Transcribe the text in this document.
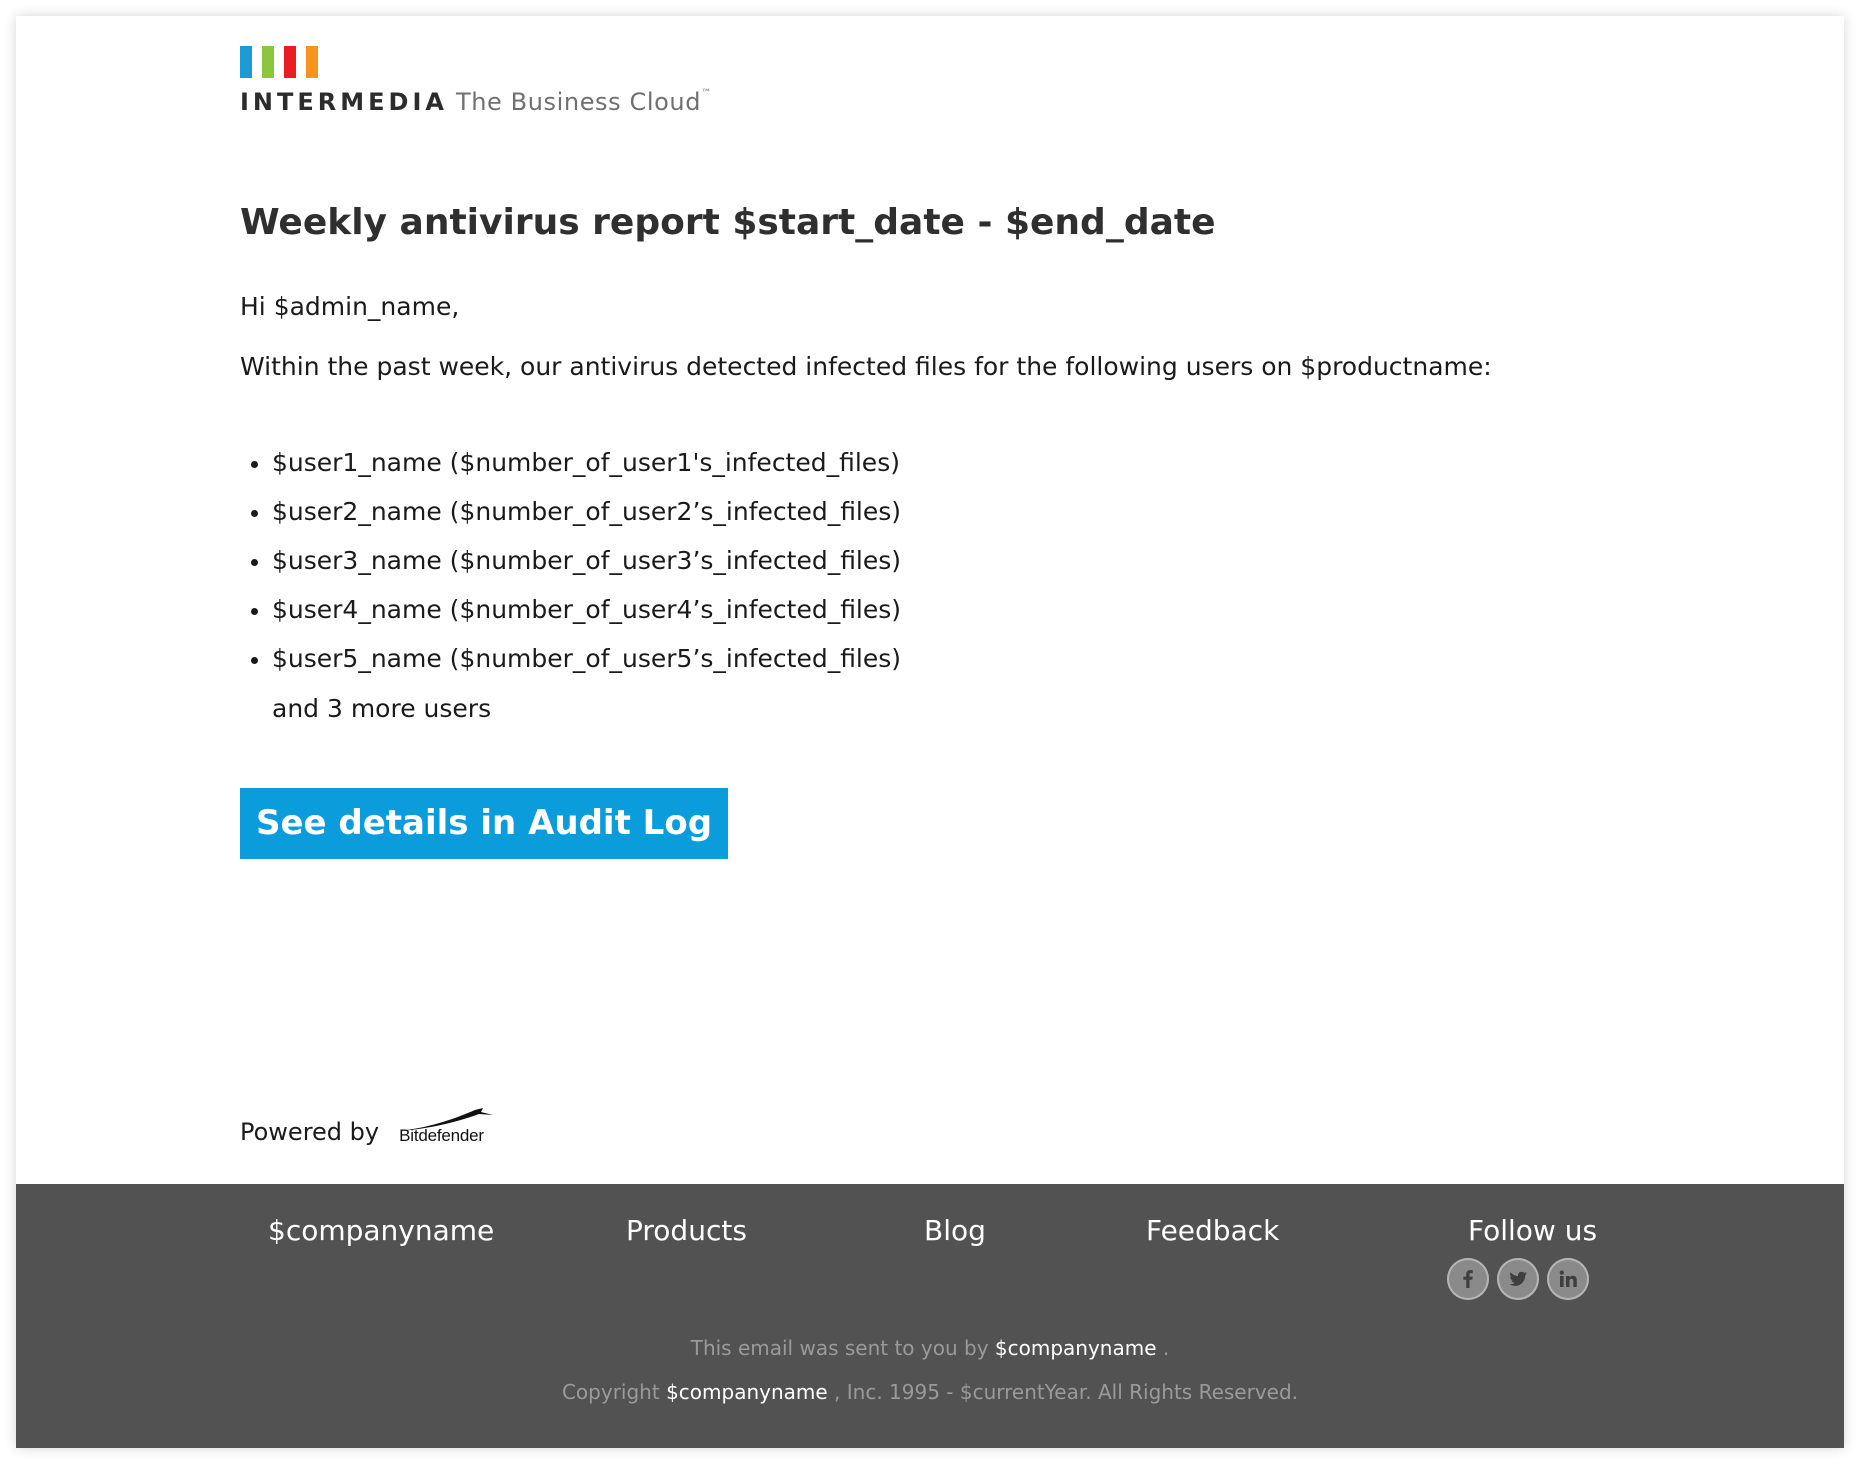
INTERMEDIA The Business Cloud™
Weekly antivirus report $start_date - $end_date
Hi $admin_name,
Within the past week, our antivirus detected infected files for the following users on $productname:
$user1_name ($number_of_user1's_infected_files)
$user2_name ($number_of_user2’s_infected_files)
$user3_name ($number_of_user3’s_infected_files)
$user4_name ($number_of_user4’s_infected_files)
$user5_name ($number_of_user5’s_infected_files)
and 3 more users
See details in Audit Log
Powered by Bitdefender
$companyname	Products	Blog	Feedback	Follow us
This email was sent to you by $companyname .
Copyright $companyname , Inc. 1995 - $currentYear. All Rights Reserved.
